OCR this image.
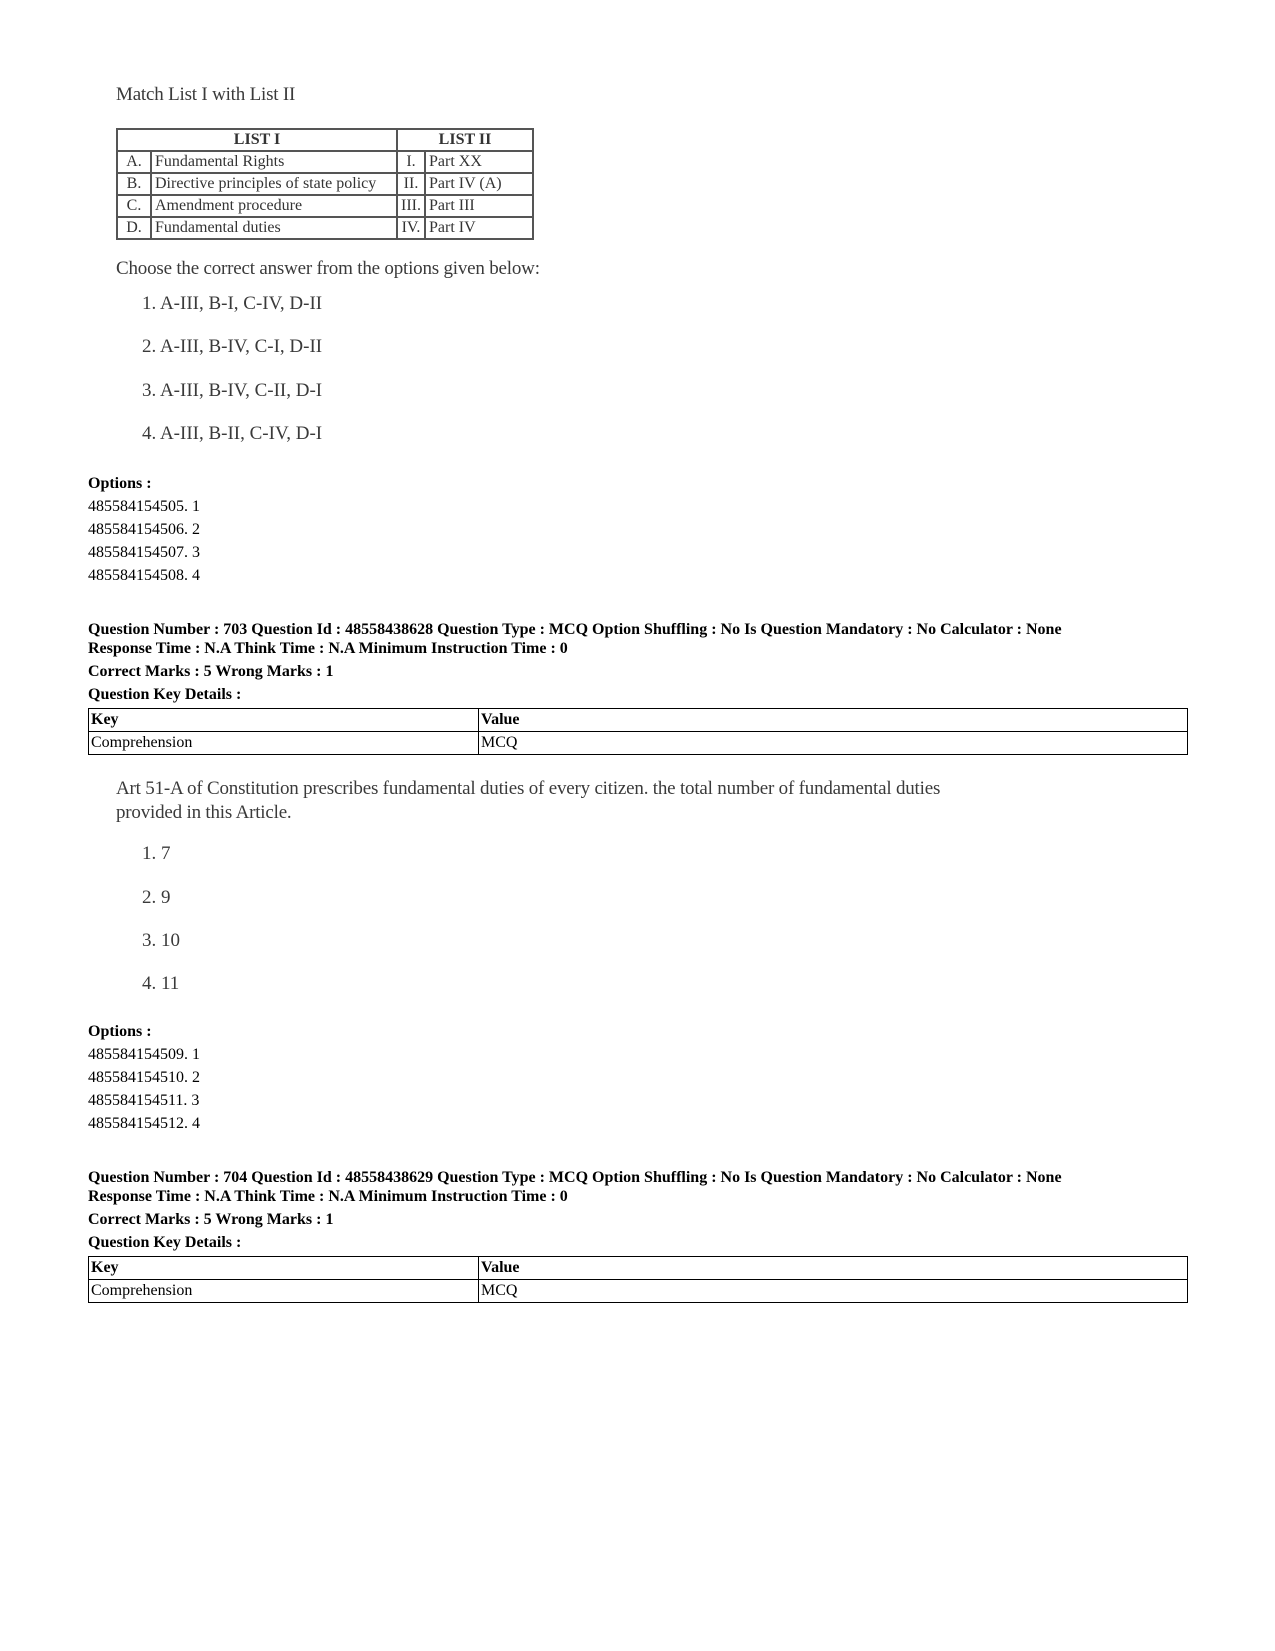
Match List I with List II
LIST I		LIST II	
A.	Fundamental Rights	I.	Part XX
B.	Directive principles of state policy	II.	Part IV (A)
C.	Amendment procedure	III.	Part III
D.	Fundamental duties	IV.	Part IV
Choose the correct answer from the options given below:
1. A-III, B-I, C-IV, D-II
2. A-III, B-IV, C-I, D-II
3. A-III, B-IV, C-II, D-I
4. A-III, B-II, C-IV, D-I
Options :
485584154505. 1
485584154506. 2
485584154507. 3
485584154508. 4
Question Number : 703 Question Id : 48558438628 Question Type : MCQ Option Shuffling : No Is Question Mandatory : No Calculator : None
Response Time : N.A Think Time : N.A Minimum Instruction Time : 0
Correct Marks : 5 Wrong Marks : 1
Question Key Details :
Key	Value
Comprehension	MCQ
Art 51-A of Constitution prescribes fundamental duties of every citizen. the total number of fundamental duties provided in this Article.
1. 7
2. 9
3. 10
4. 11
Options :
485584154509. 1
485584154510. 2
485584154511. 3
485584154512. 4
Question Number : 704 Question Id : 48558438629 Question Type : MCQ Option Shuffling : No Is Question Mandatory : No Calculator : None
Response Time : N.A Think Time : N.A Minimum Instruction Time : 0
Correct Marks : 5 Wrong Marks : 1
Question Key Details :
Key	Value
Comprehension	MCQ
